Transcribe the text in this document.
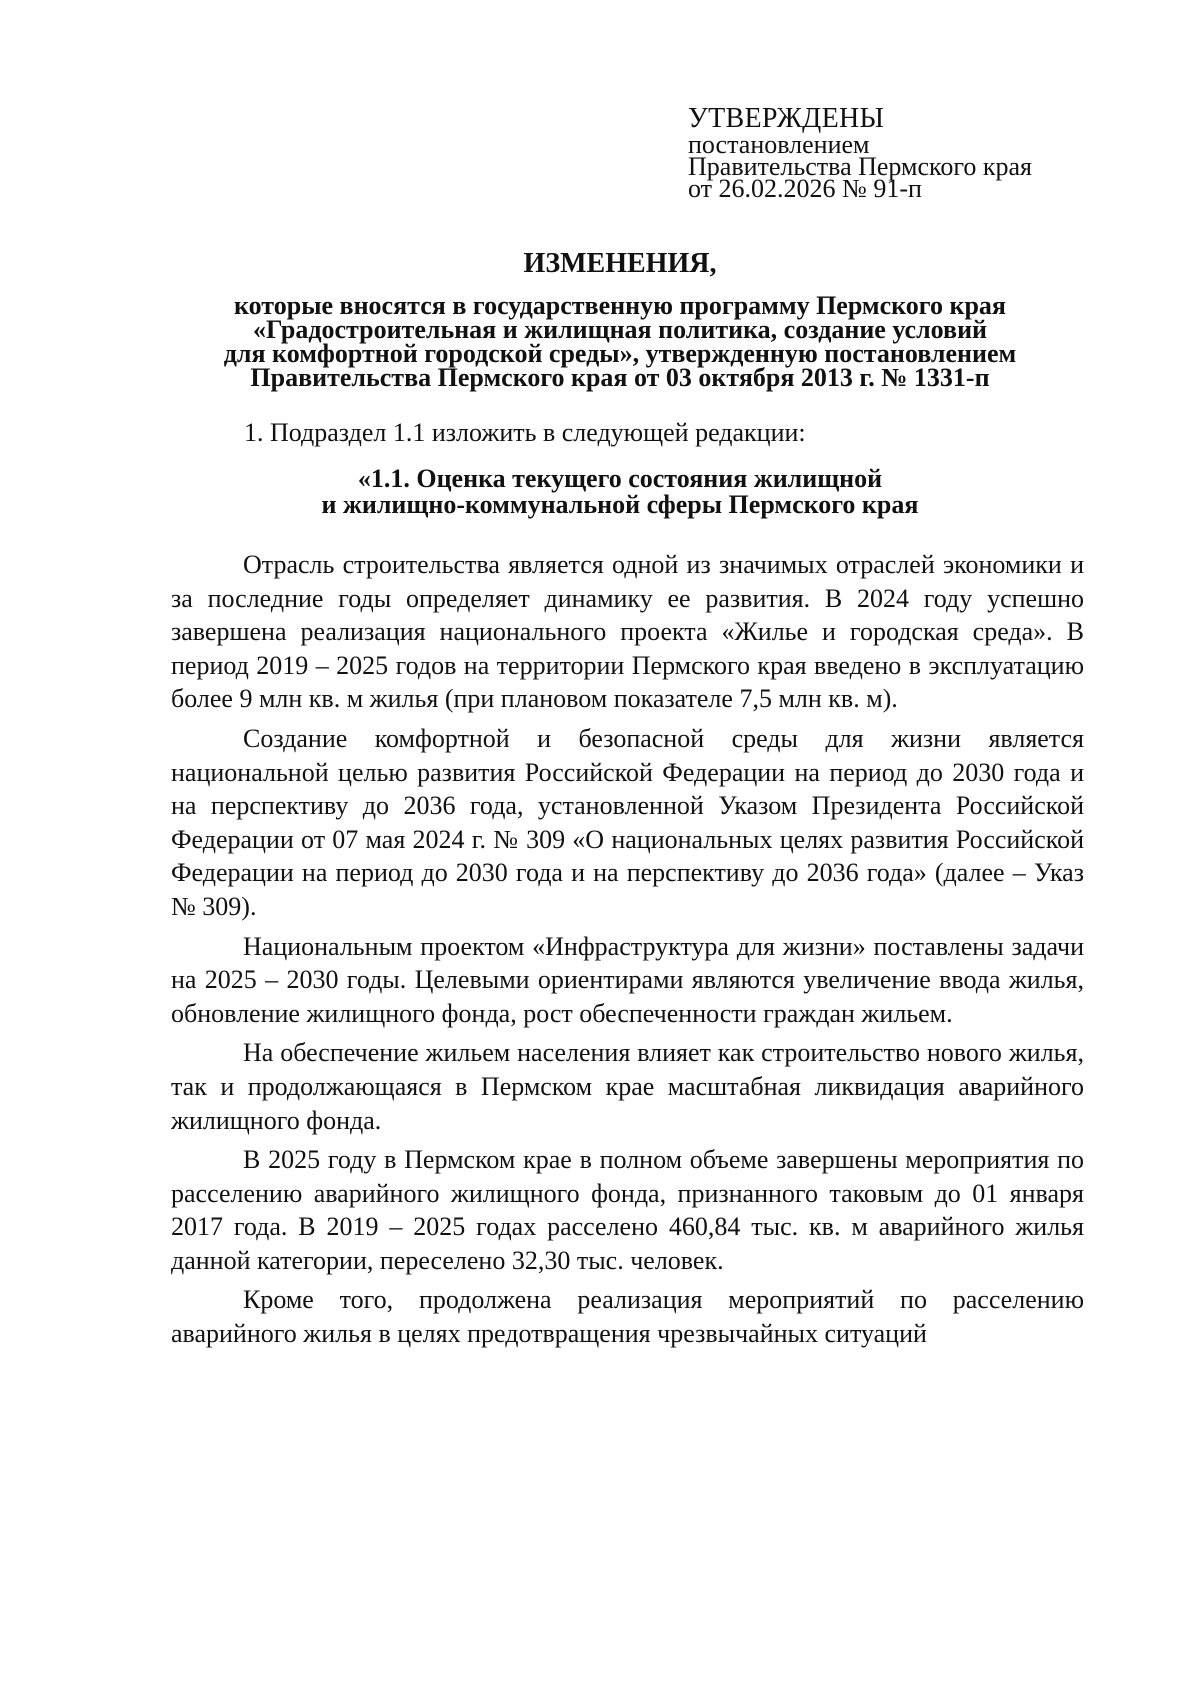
УТВЕРЖДЕНЫ
постановлением
Правительства Пермского края
от 26.02.2026 № 91-п
ИЗМЕНЕНИЯ,
которые вносятся в государственную программу Пермского края
«Градостроительная и жилищная политика, создание условий
для комфортной городской среды», утвержденную постановлением
Правительства Пермского края от 03 октября 2013 г. № 1331-п
1. Подраздел 1.1 изложить в следующей редакции:
«1.1. Оценка текущего состояния жилищной
и жилищно-коммунальной сферы Пермского края

Отрасль строительства является одной из значимых отраслей экономики и за последние годы определяет динамику ее развития. В 2024 году успешно завершена реализация национального проекта «Жилье и городская среда». В период 2019 – 2025 годов на территории Пермского края введено в эксплуатацию более 9 млн кв. м жилья (при плановом показателе 7,5 млн кв. м).

Создание комфортной и безопасной среды для жизни является национальной целью развития Российской Федерации на период до 2030 года и на перспективу до 2036 года, установленной Указом Президента Российской Федерации от 07 мая 2024 г. № 309 «О национальных целях развития Российской Федерации на период до 2030 года и на перспективу до 2036 года» (далее – Указ № 309).

Национальным проектом «Инфраструктура для жизни» поставлены задачи на 2025 – 2030 годы. Целевыми ориентирами являются увеличение ввода жилья, обновление жилищного фонда, рост обеспеченности граждан жильем.

На обеспечение жильем населения влияет как строительство нового жилья, так и продолжающаяся в Пермском крае масштабная ликвидация аварийного жилищного фонда.

В 2025 году в Пермском крае в полном объеме завершены мероприятия по расселению аварийного жилищного фонда, признанного таковым до 01 января 2017 года. В 2019 – 2025 годах расселено 460,84 тыс. кв. м аварийного жилья данной категории, переселено 32,30 тыс. человек.

Кроме того, продолжена реализация мероприятий по расселению аварийного жилья в целях предотвращения чрезвычайных ситуаций
